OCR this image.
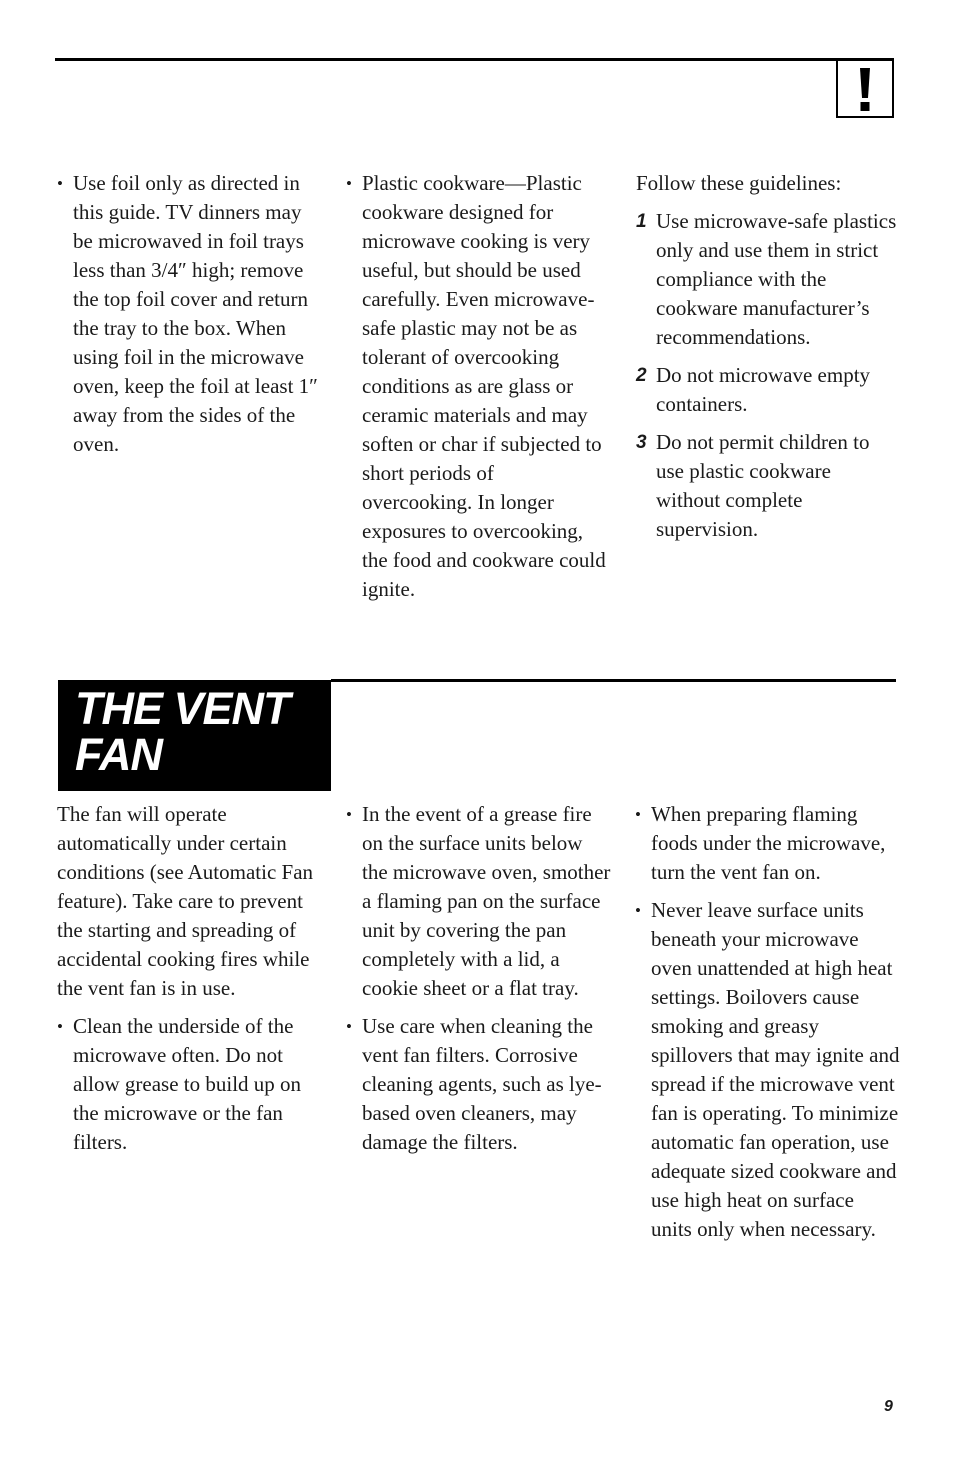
• Use foil only as directed in this guide. TV dinners may be microwaved in foil trays less than 3/4″ high; remove the top foil cover and return the tray to the box. When using foil in the microwave oven, keep the foil at least 1″ away from the sides of the oven.

• Plastic cookware—Plastic cookware designed for microwave cooking is very useful, but should be used carefully. Even microwave-safe plastic may not be as tolerant of overcooking conditions as are glass or ceramic materials and may soften or char if subjected to short periods of overcooking. In longer exposures to overcooking, the food and cookware could ignite.

Follow these guidelines:

1 Use microwave-safe plastics only and use them in strict compliance with the cookware manufacturer’s recommendations.

2 Do not microwave empty containers.

3 Do not permit children to use plastic cookware without complete supervision.

THE VENT FAN

The fan will operate automatically under certain conditions (see Automatic Fan feature). Take care to prevent the starting and spreading of accidental cooking fires while the vent fan is in use.

• Clean the underside of the microwave often. Do not allow grease to build up on the microwave or the fan filters.

• In the event of a grease fire on the surface units below the microwave oven, smother a flaming pan on the surface unit by covering the pan completely with a lid, a cookie sheet or a flat tray.

• Use care when cleaning the vent fan filters. Corrosive cleaning agents, such as lye-based oven cleaners, may damage the filters.

• When preparing flaming foods under the microwave, turn the vent fan on.

• Never leave surface units beneath your microwave oven unattended at high heat settings. Boilovers cause smoking and greasy spillovers that may ignite and spread if the microwave vent fan is operating. To minimize automatic fan operation, use adequate sized cookware and use high heat on surface units only when necessary.

9
